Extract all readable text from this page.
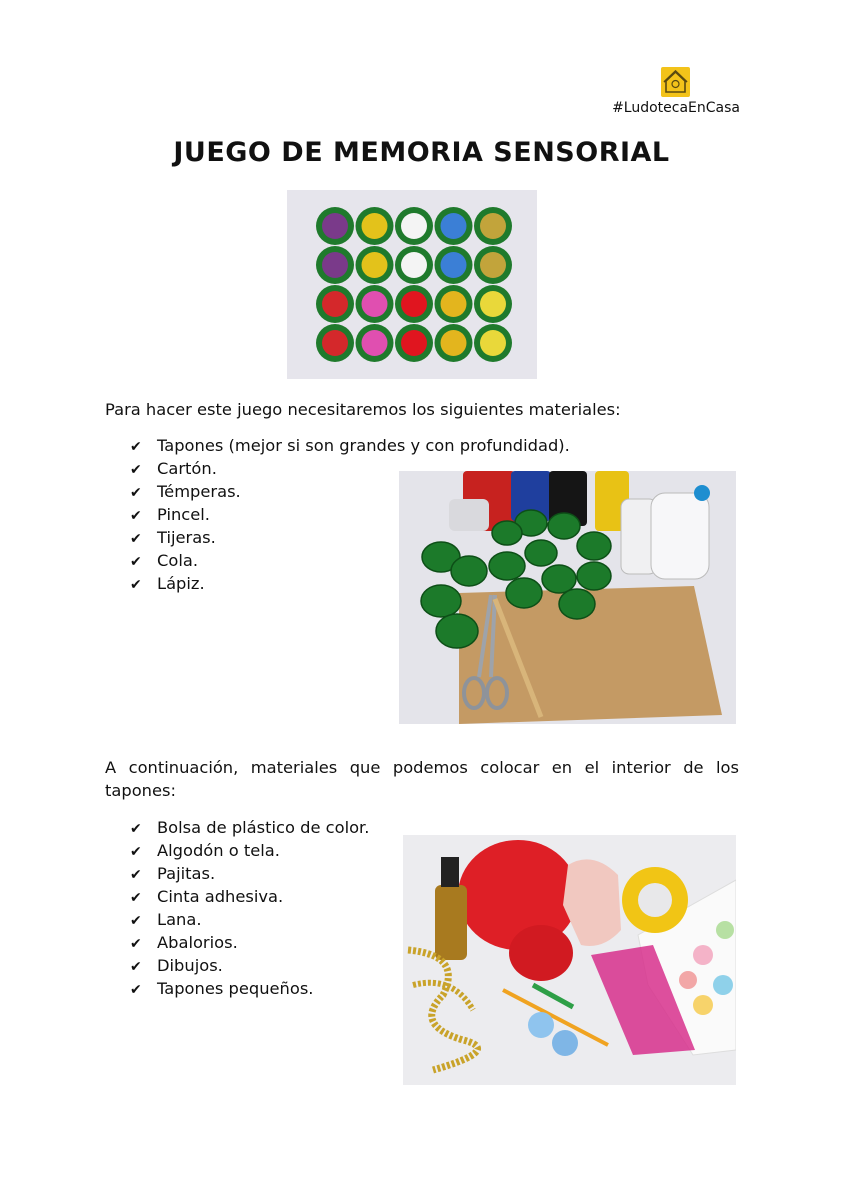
#LudotecaEnCasa
JUEGO DE MEMORIA SENSORIAL
Para hacer este juego necesitaremos los siguientes materiales:
✔ Tapones (mejor si son grandes y con profundidad).
✔ Cartón.
✔ Témperas.
✔ Pincel.
✔ Tijeras.
✔ Cola.
✔ Lápiz.
A continuación, materiales que podemos colocar en el interior de los tapones:
✔ Bolsa de plástico de color.
✔ Algodón o tela.
✔ Pajitas.
✔ Cinta adhesiva.
✔ Lana.
✔ Abalorios.
✔ Dibujos.
✔ Tapones pequeños.
